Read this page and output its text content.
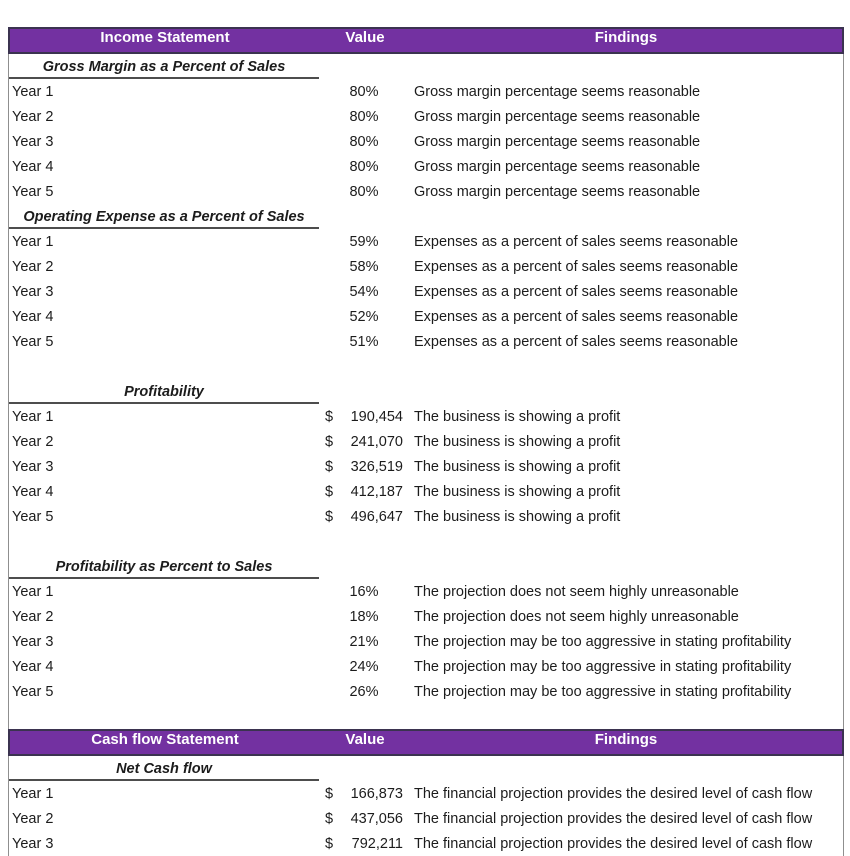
Income Statement	Value	Findings
Gross Margin as a Percent of Sales
Year 1	80%	Gross margin percentage seems reasonable
Year 2	80%	Gross margin percentage seems reasonable
Year 3	80%	Gross margin percentage seems reasonable
Year 4	80%	Gross margin percentage seems reasonable
Year 5	80%	Gross margin percentage seems reasonable
Operating Expense as a Percent of Sales
Year 1	59%	Expenses as a percent of sales seems reasonable
Year 2	58%	Expenses as a percent of sales seems reasonable
Year 3	54%	Expenses as a percent of sales seems reasonable
Year 4	52%	Expenses as a percent of sales seems reasonable
Year 5	51%	Expenses as a percent of sales seems reasonable
Profitability
Year 1	$ 190,454 The business is showing a profit
Year 2	$ 241,070 The business is showing a profit
Year 3	$ 326,519 The business is showing a profit
Year 4	$ 412,187 The business is showing a profit
Year 5	$ 496,647 The business is showing a profit
Profitability as Percent to Sales
Year 1	16%	The projection does not seem highly unreasonable
Year 2	18%	The projection does not seem highly unreasonable
Year 3	21%	The projection may be too aggressive in stating profitability
Year 4	24%	The projection may be too aggressive in stating profitability
Year 5	26%	The projection may be too aggressive in stating profitability
Cash flow Statement	Value	Findings
Net Cash flow
Year 1	$ 166,873 The financial projection provides the desired level of cash flow
Year 2	$ 437,056 The financial projection provides the desired level of cash flow
Year 3	$ 792,211 The financial projection provides the desired level of cash flow
